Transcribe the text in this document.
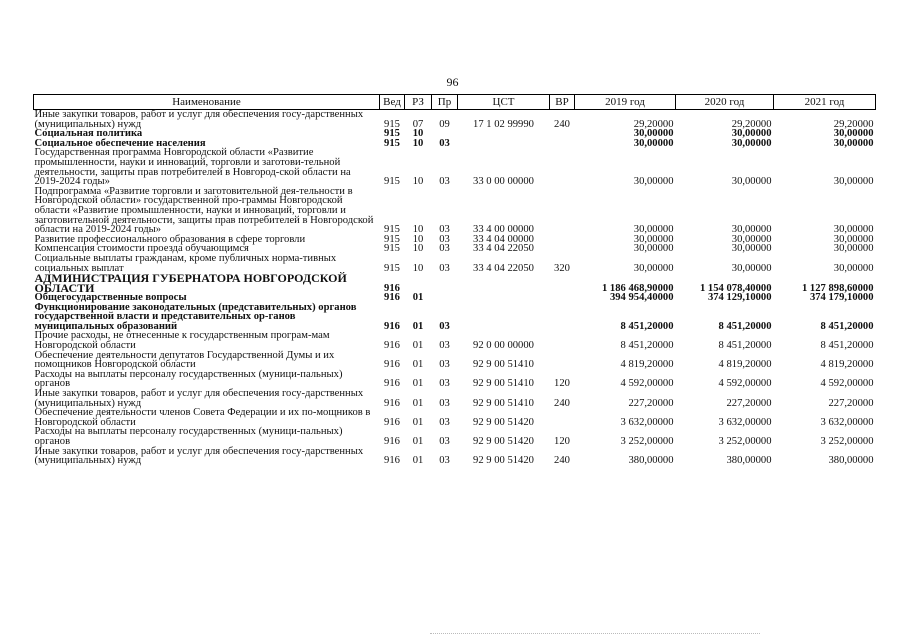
96
Наименование	Вед	РЗ	Пр	ЦСТ	ВР	2019 год	2020 год	2021 год
Иные закупки товаров, работ и услуг для обеспечения госу-дарственных (муниципальных) нужд	915	07	09	17 1 02 99990	240	29,20000	29,20000	29,20000
Социальная политика	915	10				30,00000	30,00000	30,00000
Социальное обеспечение населения	915	10	03			30,00000	30,00000	30,00000
Государственная программа Новгородской области «Развитие промышленности, науки и инноваций, торговли и заготови-тельной деятельности, защиты прав потребителей в Новгород-ской области на 2019-2024 годы»	915	10	03	33 0 00 00000		30,00000	30,00000	30,00000
Подпрограмма «Развитие торговли и заготовительной дея-тельности в Новгородской области» государственной про-граммы Новгородской области «Развитие промышленности, науки и инноваций, торговли и заготовительной деятельности, защиты прав потребителей в Новгородской области на 2019-2024 годы»	915	10	03	33 4 00 00000		30,00000	30,00000	30,00000
Развитие профессионального образования в сфере торговли	915	10	03	33 4 04 00000		30,00000	30,00000	30,00000
Компенсация стоимости проезда обучающимся	915	10	03	33 4 04 22050		30,00000	30,00000	30,00000
Социальные выплаты гражданам, кроме публичных норма-тивных социальных выплат	915	10	03	33 4 04 22050	320	30,00000	30,00000	30,00000
АДМИНИСТРАЦИЯ ГУБЕРНАТОРА НОВГОРОДСКОЙ ОБЛАСТИ	916					1 186 468,90000	1 154 078,40000	1 127 898,60000
Общегосударственные вопросы	916	01				394 954,40000	374 129,10000	374 179,10000
Функционирование законодательных (представительных) органов государственной власти и представительных ор-ганов муниципальных образований	916	01	03			8 451,20000	8 451,20000	8 451,20000
Прочие расходы, не отнесенные к государственным програм-мам Новгородской области	916	01	03	92 0 00 00000		8 451,20000	8 451,20000	8 451,20000
Обеспечение деятельности депутатов Государственной Думы и их помощников Новгородской области	916	01	03	92 9 00 51410		4 819,20000	4 819,20000	4 819,20000
Расходы на выплаты персоналу государственных (муници-пальных) органов	916	01	03	92 9 00 51410	120	4 592,00000	4 592,00000	4 592,00000
Иные закупки товаров, работ и услуг для обеспечения госу-дарственных (муниципальных) нужд	916	01	03	92 9 00 51410	240	227,20000	227,20000	227,20000
Обеспечение деятельности членов Совета Федерации и их по-мощников в Новгородской области	916	01	03	92 9 00 51420		3 632,00000	3 632,00000	3 632,00000
Расходы на выплаты персоналу государственных (муници-пальных) органов	916	01	03	92 9 00 51420	120	3 252,00000	3 252,00000	3 252,00000
Иные закупки товаров, работ и услуг для обеспечения госу-дарственных (муниципальных) нужд	916	01	03	92 9 00 51420	240	380,00000	380,00000	380,00000
